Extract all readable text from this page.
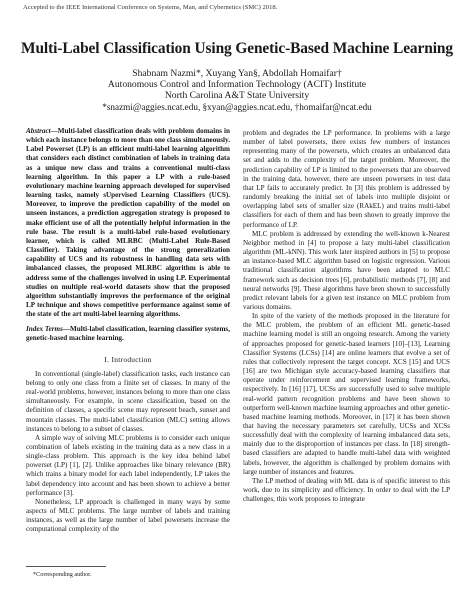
Accepted to the IEEE International Conference on Systems, Man, and Cybernetics (SMC) 2018.
Multi-Label Classification Using Genetic-Based Machine Learning
Shabnam Nazmi*, Xuyang Yan§, Abdollah Homaifar†
Autonomous Control and Information Technology (ACIT) Institute
North Carolina A&T State University
*snazmi@aggies.ncat.edu, §xyan@aggies.ncat.edu, †homaifar@ncat.edu

Abstract—Multi-label classification deals with problem domains in which each instance belongs to more than one class simultaneously. Label Powerset (LP) is an efficient multi-label learning algorithm that considers each distinct combination of labels in training data as a unique new class and trains a conventional multi-class learning algorithm. In this paper a LP with a rule-based evolutionary machine learning approach developed for supervised learning tasks, namely sUpervised Learning Classifiers (UCS). Moreover, to improve the prediction capability of the model on unseen instances, a prediction aggregation strategy is proposed to make efficient use of all the potentially helpful information in the rule base. The result is a multi-label rule-based evolutionary learner, which is called MLRBC (Multi-Label Rule-Based Classifier). Taking advantage of the strong generalization capability of UCS and its robustness in handling data sets with imbalanced classes, the proposed MLRBC algorithm is able to address some of the challenges involved in using LP. Experimental studies on multiple real-world datasets show that the proposed algorithm substantially improves the performance of the original LP technique and shows competitive performance against some of the state of the art multi-label learning algorithms.

Index Terms—Multi-label classification, learning classifier systems, genetic-based machine learning.

I. Introduction

In conventional (single-label) classification tasks, each instance can belong to only one class from a finite set of classes. In many of the real-world problems, however, instances belong to more than one class simultaneously. For example, in scene classification, based on the definition of classes, a specific scene may represent beach, sunset and mountain classes. The multi-label classification (MLC) setting allows instances to belong to a subset of classes.

A simple way of solving MLC problems is to consider each unique combination of labels existing in the training data as a new class in a single-class problem. This approach is the key idea behind label powerset (LP) [1], [2]. Unlike approaches like binary relevance (BR) which trains a binary model for each label independently, LP takes the label dependency into account and has been shown to achieve a better performance [3].

Nonetheless, LP approach is challenged in many ways by some aspects of MLC problems. The large number of labels and training instances, as well as the large number of label powersets increase the computational complexity of the

problem and degrades the LP performance. In problems with a large number of label powersets, there exists few numbers of instances representing many of the powersets, which creates an unbalanced data set and adds to the complexity of the target problem. Moreover, the prediction capability of LP is limited to the powersets that are observed in the training data, however, there are unseen powersets in test data that LP fails to accurately predict. In [3] this problem is addressed by randomly breaking the initial set of labels into multiple disjoint or overlapping label sets of smaller size (RAkEL) and trains multi-label classifiers for each of them and has been shown to greatly improve the performance of LP.

MLC problem is addressed by extending the well-known k-Nearest Neighbor method in [4] to propose a lazy multi-label classification algorithm (ML-kNN). This work later inspired authors in [5] to propose an instance-based MLC algorithm based on logistic regression. Various traditional classification algorithms have been adapted to MLC framework such as decision trees [6], probabilistic methods [7], [8] and neural networks [9]. These algorithms have been shown to successfully predict relevant labels for a given test instance on MLC problem from various domains.

In spite of the variety of the methods proposed in the literature for the MLC problem, the problem of an efficient ML genetic-based machine learning model is still an ongoing research. Among the variety of approaches proposed for genetic-based learners [10]–[13], Learning Classifier Systems (LCSs) [14] are online learners that evolve a set of rules that collectively represent the target concept. XCS [15] and UCS [16] are two Michigan style accuracy-based learning classifiers that operate under reinforcement and supervised learning frameworks, respectively. In [16] [17], UCSs are successfully used to solve multiple real-world pattern recognition problems and have been shown to outperform well-known machine learning approaches and other genetic-based machine learning methods. Moreover, in [17] it has been shown that having the necessary parameters set carefully, UCSs and XCSs successfully deal with the complexity of learning imbalanced data sets, mainly due to the disproportion of instances per class. In [18] strength-based classifiers are adapted to handle multi-label data with weighted labels, however, the algorithm is challenged by problem domains with large number of instances and features.

The LP method of dealing with ML data is of specific interest to this work, due to its simplicity and efficiency. In order to deal with the LP challenges, this work proposes to integrate

*Corresponding author.
